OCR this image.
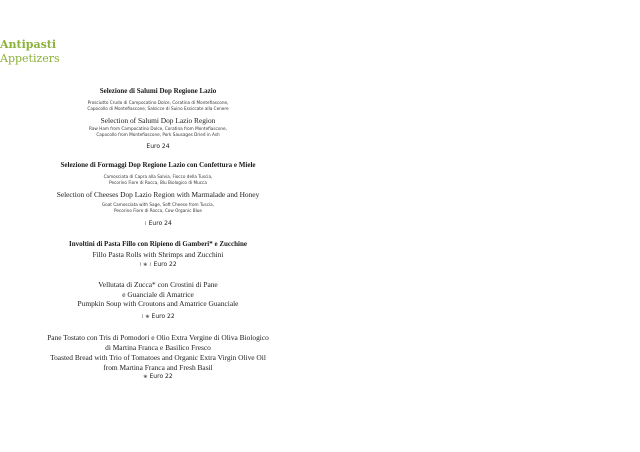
Antipasti
Appetizers
Selezione di Salumi Dop Regione Lazio
Prosciutto Crudo di Campocatino Dolce, Coratina di Montefiascone,
Capocollo di Montefiascone, Salsicce di Suino Essiccate alla Cenere
Selection of Salumi Dop Lazio Region
Raw Ham from Campocatino Dolce, Coratina from Montefiascone,
Capocollo from Montefiascone, Pork Sausages Dried in Ash
Euro 24
Selezione di Formaggi Dop Regione Lazio con Confettura e Miele
Camosciata di Capra alla Salvia, Fiocco della Tuscia,
Pecorino Fiore di Rocca, Blu Biologico di Mucca
Selection of Cheeses Dop Lazio Region with Marmalade and Honey
Goat Camosciata with Sage, Soft Cheese from Tuscia,
Pecorino Fiore di Rocca, Cow Organic Blue
⌇ Euro 24
Involtini di Pasta Fillo con Ripieno di Gamberi* e Zucchine
Fillo Pasta Rolls with Shrimps and Zucchini
⌇ ❀ ⌇ Euro 22
Vellutata di Zucca* con Crostini di Pane
e Guanciale di Amatrice
Pumpkin Soup with Croutons and Amatrice Guanciale
⌇ ❀ Euro 22
Pane Tostato con Tris di Pomodori e Olio Extra Vergine di Oliva Biologico
di Martina Franca e Basilico Fresco
Toasted Bread with Trio of Tomatoes and Organic Extra Virgin Olive Oil
from Martina Franca and Fresh Basil
❀ Euro 22
